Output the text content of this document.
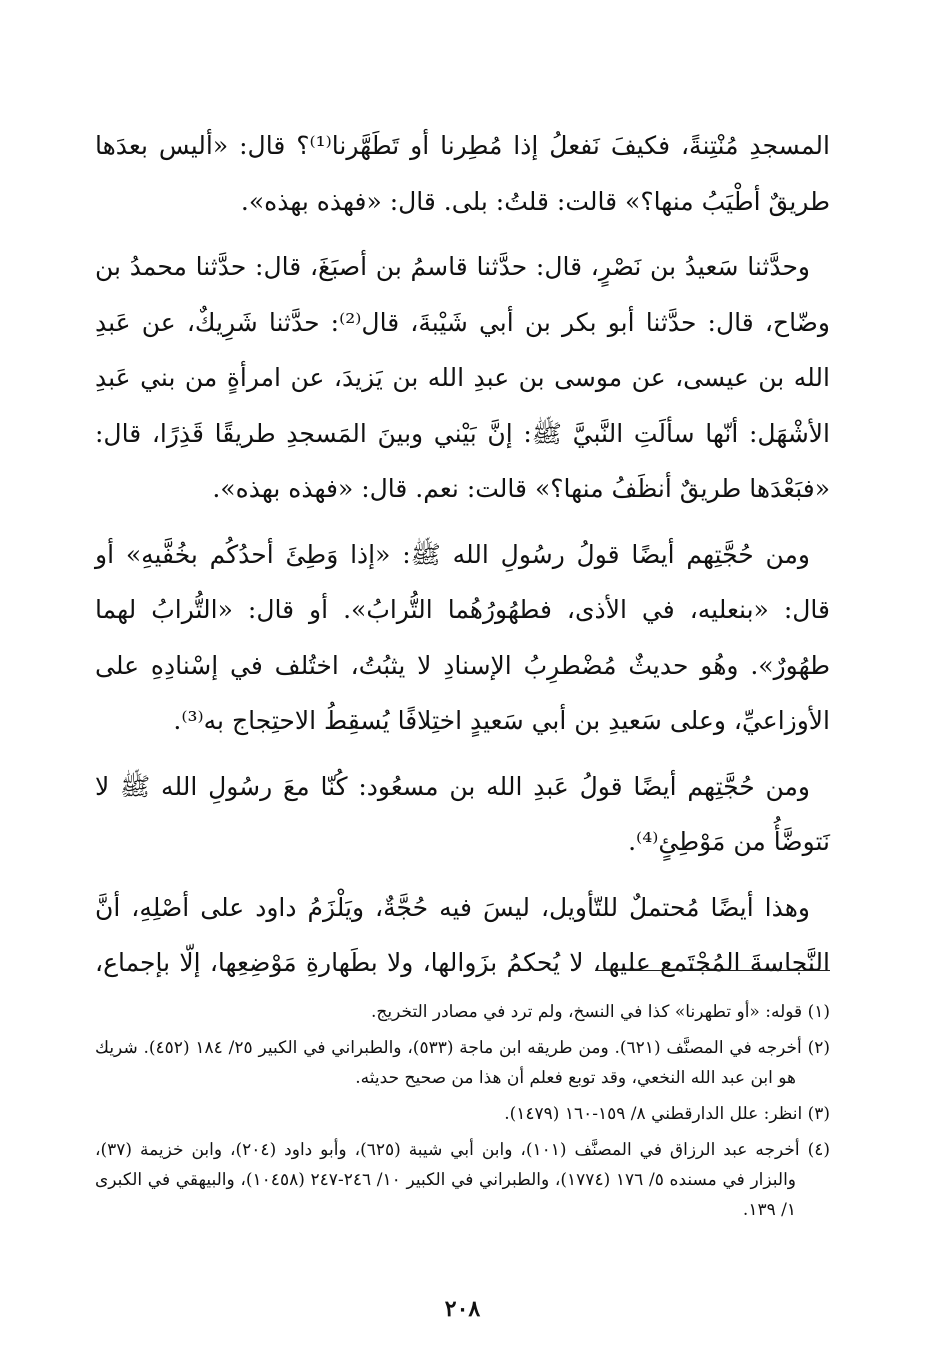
المسجدِ مُنْتِنةً، فكيفَ نَفعلُ إذا مُطِرنا أو تَطَهَّرنا⁽¹⁾؟ قال: «أليس بعدَها طريقٌ أطْيَبُ منها؟» قالت: قلتُ: بلى. قال: «فهذه بهذه».

وحدَّثنا سَعيدُ بن نَصْرٍ، قال: حدَّثنا قاسمُ بن أصبَغَ، قال: حدَّثنا محمدُ بن وضّاح، قال: حدَّثنا أبو بكر بن أبي شَيْبةَ، قال⁽²⁾: حدَّثنا شَرِيكٌ، عن عَبدِ الله بن عيسى، عن موسى بن عبدِ الله بن يَزيدَ، عن امرأةٍ من بني عَبدِ الأشْهَل: أنّها سألَتِ النَّبيَّ ﷺ: إنَّ بَيْني وبينَ المَسجدِ طريقًا قَذِرًا، قال: «فبَعْدَها طريقٌ أنظَفُ منها؟» قالت: نعم. قال: «فهذه بهذه».

ومن حُجَّتِهم أيضًا قولُ رسُولِ الله ﷺ: «إذا وَطِئَ أحدُكُم بخُفَّيهِ» أو قال: «بنعليه، في الأذى، فطهُورُهُما التُّرابُ». أو قال: «التُّرابُ لهما طهُورٌ». وهُو حديثٌ مُضْطرِبُ الإسنادِ لا يثبُتُ، اختُلف في إسْنادِهِ على الأوزاعيِّ، وعلى سَعيدِ بن أبي سَعيدٍ اختِلافًا يُسقِطُ الاحتِجاج به⁽³⁾.

ومن حُجَّتِهم أيضًا قولُ عَبدِ الله بن مسعُود: كُنّا معَ رسُولِ الله ﷺ لا نَتوضَّأُ من مَوْطِئٍ⁽⁴⁾.

وهذا أيضًا مُحتملٌ للتّأويل، ليسَ فيه حُجَّةٌ، ويَلْزَمُ داود على أصْلِهِ، أنَّ النَّجاسةَ المُجْتَمع عليها، لا يُحكمُ بزَوالها، ولا بطَهارةِ مَوْضِعِها، إلّا بإجماع،

(١) قوله: «أو تطهرنا» كذا في النسخ، ولم ترد في مصادر التخريج.
(٢) أخرجه في المصنَّف (٦٢١). ومن طريقه ابن ماجة (٥٣٣)، والطبراني في الكبير ٢٥/ ١٨٤ (٤٥٢). شريك هو ابن عبد الله النخعي، وقد توبع فعلم أن هذا من صحيح حديثه.
(٣) انظر: علل الدارقطني ٨/ ١٥٩-١٦٠ (١٤٧٩).
(٤) أخرجه عبد الرزاق في المصنَّف (١٠١)، وابن أبي شيبة (٦٢٥)، وأبو داود (٢٠٤)، وابن خزيمة (٣٧)، والبزار في مسنده ٥/ ١٧٦ (١٧٧٤)، والطبراني في الكبير ١٠/ ٢٤٦-٢٤٧ (١٠٤٥٨)، والبيهقي في الكبرى ١/ ١٣٩.
٢٠٨
